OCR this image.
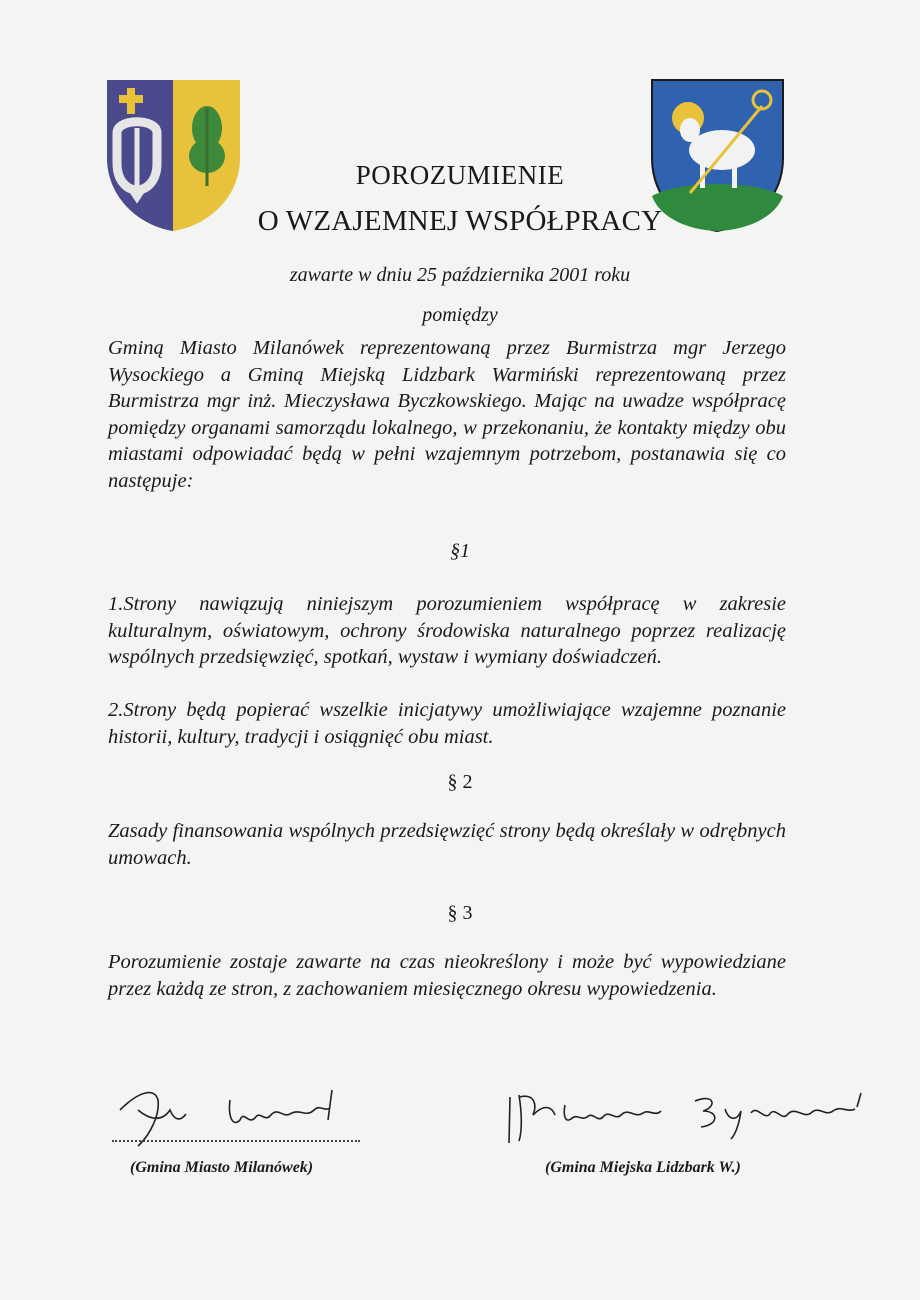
POROZUMIENIE
O WZAJEMNEJ WSPÓŁPRACY
zawarte w dniu 25 października 2001 roku
pomiędzy

Gminą Miasto Milanówek reprezentowaną przez Burmistrza mgr Jerzego Wysockiego a Gminą Miejską Lidzbark Warmiński reprezentowaną przez Burmistrza mgr inż. Mieczysława Byczkowskiego. Mając na uwadze współpracę pomiędzy organami samorządu lokalnego, w przekonaniu, że kontakty między obu miastami odpowiadać będą w pełni wzajemnym potrzebom, postanawia się co następuje:

§1

1.Strony nawiązują niniejszym porozumieniem współpracę w zakresie kulturalnym, oświatowym, ochrony środowiska naturalnego poprzez realizację wspólnych przedsięwzięć, spotkań, wystaw i wymiany doświadczeń.

2.Strony będą popierać wszelkie inicjatywy umożliwiające wzajemne poznanie historii, kultury, tradycji i osiągnięć obu miast.

§ 2

Zasady finansowania wspólnych przedsięwzięć strony będą określały w odrębnych umowach.

§ 3

Porozumienie zostaje zawarte na czas nieokreślony i może być wypowiedziane przez każdą ze stron, z zachowaniem miesięcznego okresu wypowiedzenia.

(Gmina Miasto Milanówek)	(Gmina Miejska Lidzbark W.)
